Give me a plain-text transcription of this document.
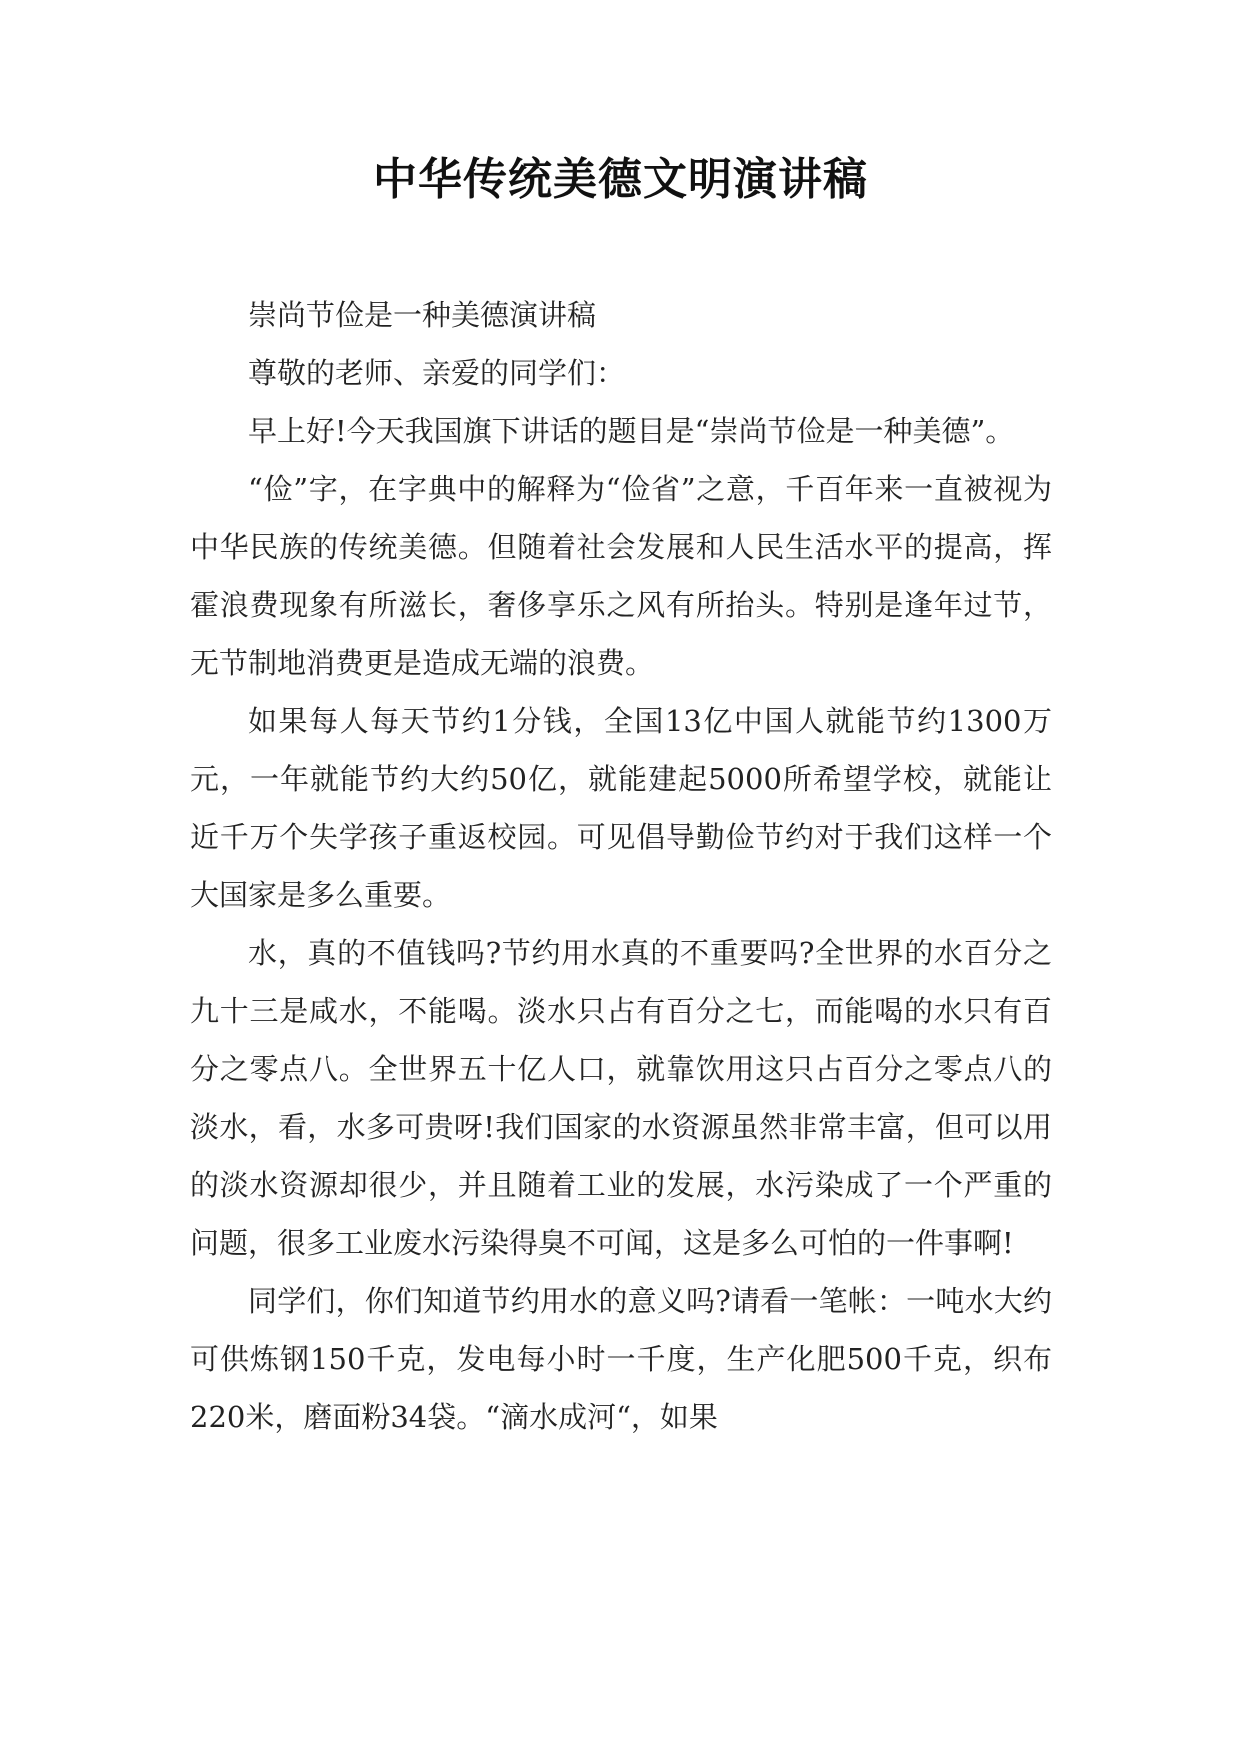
中华传统美德文明演讲稿

崇尚节俭是一种美德演讲稿

尊敬的老师、亲爱的同学们：

早上好!今天我国旗下讲话的题目是“崇尚节俭是一种美德”。

“俭”字，在字典中的解释为“俭省”之意，千百年来一直被视为中华民族的传统美德。但随着社会发展和人民生活水平的提高，挥霍浪费现象有所滋长，奢侈享乐之风有所抬头。特别是逢年过节，无节制地消费更是造成无端的浪费。

如果每人每天节约1分钱，全国13亿中国人就能节约1300万元，一年就能节约大约50亿，就能建起5000所希望学校，就能让近千万个失学孩子重返校园。可见倡导勤俭节约对于我们这样一个大国家是多么重要。

水，真的不值钱吗?节约用水真的不重要吗?全世界的水百分之九十三是咸水，不能喝。淡水只占有百分之七，而能喝的水只有百分之零点八。全世界五十亿人口，就靠饮用这只占百分之零点八的淡水，看，水多可贵呀!我们国家的水资源虽然非常丰富，但可以用的淡水资源却很少，并且随着工业的发展，水污染成了一个严重的问题，很多工业废水污染得臭不可闻，这是多么可怕的一件事啊!

同学们，你们知道节约用水的意义吗?请看一笔帐：一吨水大约可供炼钢150千克，发电每小时一千度，生产化肥500千克，织布220米，磨面粉34袋。“滴水成河“，如果
